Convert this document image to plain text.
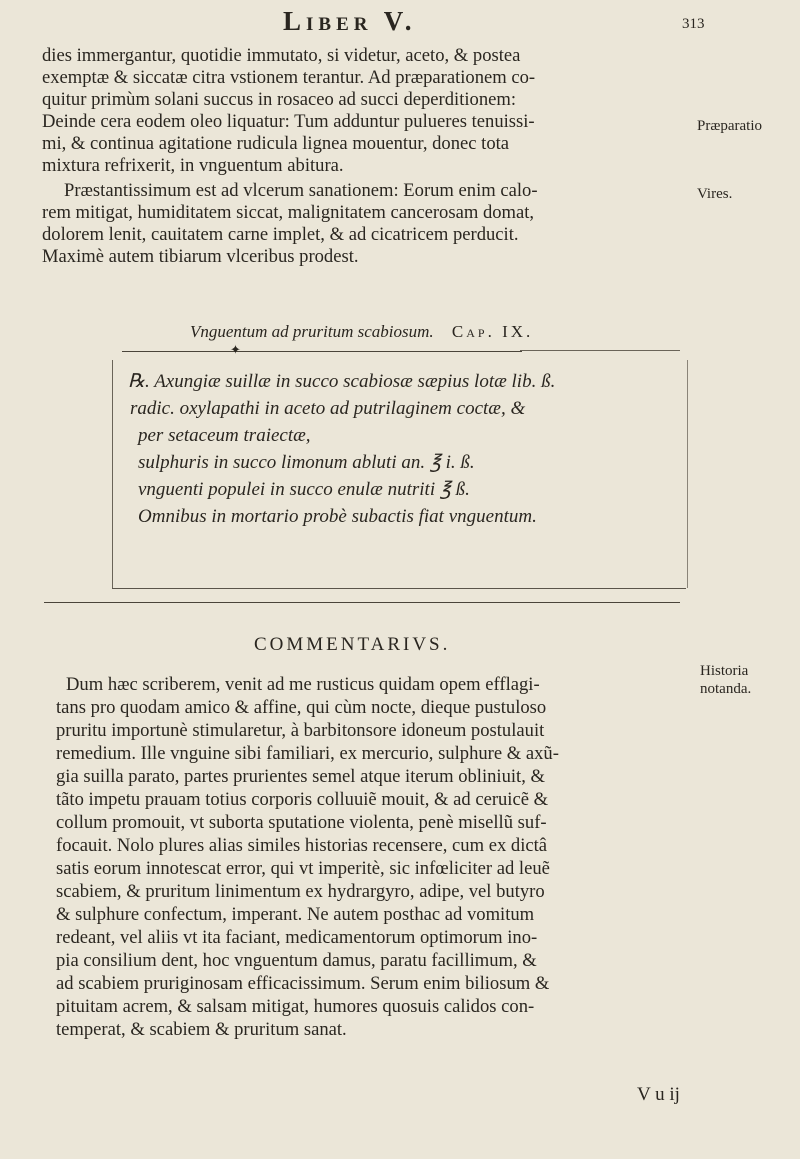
Liber V.	313
dies immergantur, quotidie immutato, si videtur, aceto, & postea
exemptæ & siccatæ citra vstionem terantur. Ad præparationem co-
quitur primùm solani succus in rosaceo ad succi deperditionem:
Deinde cera eodem oleo liquatur: Tum adduntur pulueres tenuissi-
mi, & continua agitatione rudicula lignea mouentur, donec tota
mixtura refrixerit, in vnguentum abitura.
Præstantissimum est ad vlcerum sanationem: Eorum enim calo-
rem mitigat, humiditatem siccat, malignitatem cancerosam domat,
dolorem lenit, cauitatem carne implet, & ad cicatricem perducit.
Maximè autem tibiarum vlceribus prodest.
Præparatio
Vires.
Vnguentum ad pruritum scabiosum. Cap. IX.
✦
℞. Axungiæ suillæ in succo scabiosæ sæpius lotæ lib. ß.
radic. oxylapathi in aceto ad putrilaginem coctæ, &
per setaceum traiectæ,
sulphuris in succo limonum abluti an. ℥ i. ß.
vnguenti populei in succo enulæ nutriti ℥ ß.
Omnibus in mortario probè subactis fiat vnguentum.
COMMENTARIVS.
Historia
notanda.
Dum hæc scriberem, venit ad me rusticus quidam opem efflagi-
tans pro quodam amico & affine, qui cùm nocte, dieque pustuloso
pruritu importunè stimularetur, à barbitonsore idoneum postulauit
remedium. Ille vnguine sibi familiari, ex mercurio, sulphure & axũ-
gia suilla parato, partes prurientes semel atque iterum obliniuit, &
tãto impetu prauam totius corporis colluuiẽ mouit, & ad ceruicẽ &
collum promouit, vt suborta sputatione violenta, penè misellũ suf-
focauit. Nolo plures alias similes historias recensere, cum ex dictâ
satis eorum innotescat error, qui vt imperitè, sic infœliciter ad leuẽ
scabiem, & pruritum linimentum ex hydrargyro, adipe, vel butyro
& sulphure confectum, imperant. Ne autem posthac ad vomitum
redeant, vel aliis vt ita faciant, medicamentorum optimorum ino-
pia consilium dent, hoc vnguentum damus, paratu facillimum, &
ad scabiem pruriginosam efficacissimum. Serum enim biliosum &
pituitam acrem, & salsam mitigat, humores quosuis calidos con-
temperat, & scabiem & pruritum sanat.
V u ij
